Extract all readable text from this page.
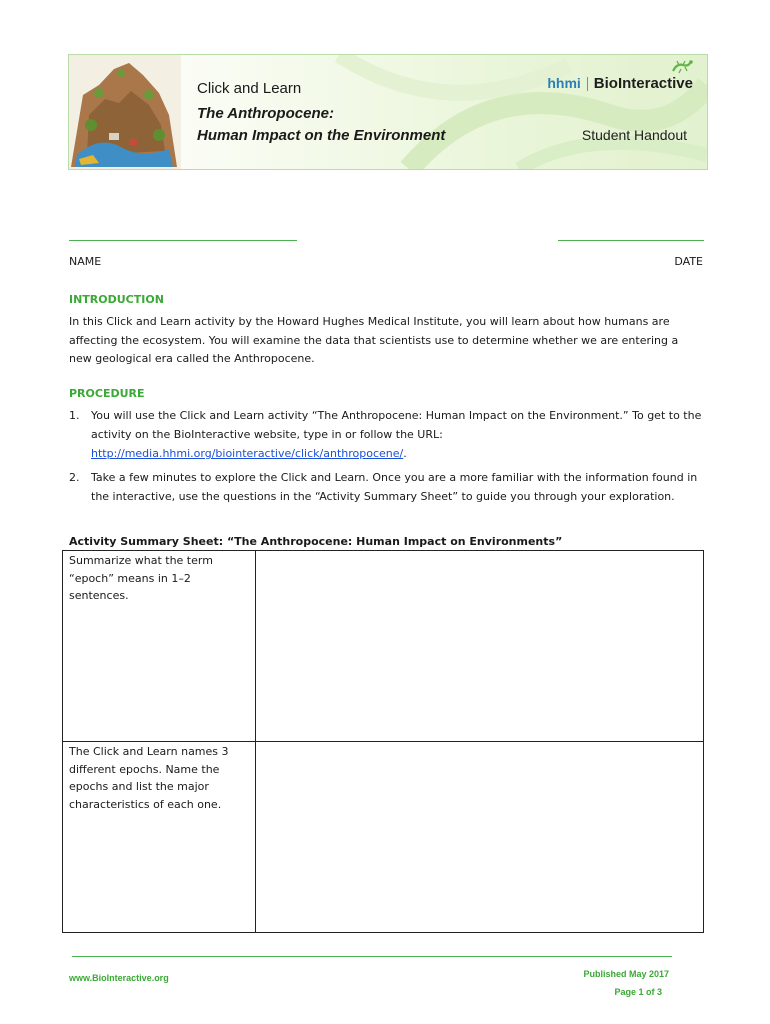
Click and Learn
The Anthropocene:
Human Impact on the Environment
hhmi BioInteractive
Student Handout
NAME	DATE
INTRODUCTION
In this Click and Learn activity by the Howard Hughes Medical Institute, you will learn about how humans are affecting the ecosystem. You will examine the data that scientists use to determine whether we are entering a new geological era called the Anthropocene.
PROCEDURE
1. You will use the Click and Learn activity “The Anthropocene: Human Impact on the Environment.” To get to the activity on the BioInteractive website, type in or follow the URL: http://media.hhmi.org/biointeractive/click/anthropocene/.
2. Take a few minutes to explore the Click and Learn. Once you are a more familiar with the information found in the interactive, use the questions in the “Activity Summary Sheet” to guide you through your exploration.
Activity Summary Sheet: “The Anthropocene: Human Impact on Environments”
Summarize what the term “epoch” means in 1–2 sentences.	
The Click and Learn names 3 different epochs. Name the epochs and list the major characteristics of each one.	
www.BioInteractive.org	Published May 2017
Page 1 of 3
